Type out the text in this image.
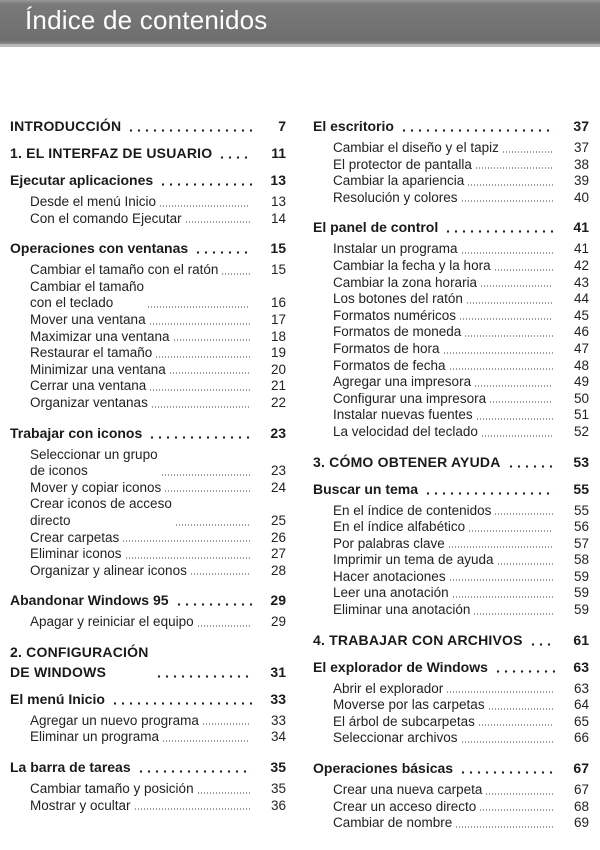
Índice de contenidos
INTRODUCCIÓN	7
1. EL INTERFAZ DE USUARIO	11
Ejecutar aplicaciones	13
Desde el menú Inicio	13
Con el comando Ejecutar	14
Operaciones con ventanas	15
Cambiar el tamaño con el ratón	15
Cambiar el tamaño
con el teclado	16
Mover una ventana	17
Maximizar una ventana	18
Restaurar el tamaño	19
Minimizar una ventana	20
Cerrar una ventana	21
Organizar ventanas	22
Trabajar con iconos	23
Seleccionar un grupo
de iconos	23
Mover y copiar iconos	24
Crear iconos de acceso
directo	25
Crear carpetas	26
Eliminar iconos	27
Organizar y alinear iconos	28
Abandonar Windows 95	29
Apagar y reiniciar el equipo	29
2. CONFIGURACIÓN
DE WINDOWS	31
El menú Inicio	33
Agregar un nuevo programa	33
Eliminar un programa	34
La barra de tareas	35
Cambiar tamaño y posición	35
Mostrar y ocultar	36
El escritorio	37
Cambiar el diseño y el tapiz	37
El protector de pantalla	38
Cambiar la apariencia	39
Resolución y colores	40
El panel de control	41
Instalar un programa	41
Cambiar la fecha y la hora	42
Cambiar la zona horaria	43
Los botones del ratón	44
Formatos numéricos	45
Formatos de moneda	46
Formatos de hora	47
Formatos de fecha	48
Agregar una impresora	49
Configurar una impresora	50
Instalar nuevas fuentes	51
La velocidad del teclado	52
3. CÓMO OBTENER AYUDA	53
Buscar un tema	55
En el índice de contenidos	55
En el índice alfabético	56
Por palabras clave	57
Imprimir un tema de ayuda	58
Hacer anotaciones	59
Leer una anotación	59
Eliminar una anotación	59
4. TRABAJAR CON ARCHIVOS	61
El explorador de Windows	63
Abrir el explorador	63
Moverse por las carpetas	64
El árbol de subcarpetas	65
Seleccionar archivos	66
Operaciones básicas	67
Crear una nueva carpeta	67
Crear un acceso directo	68
Cambiar de nombre	69
